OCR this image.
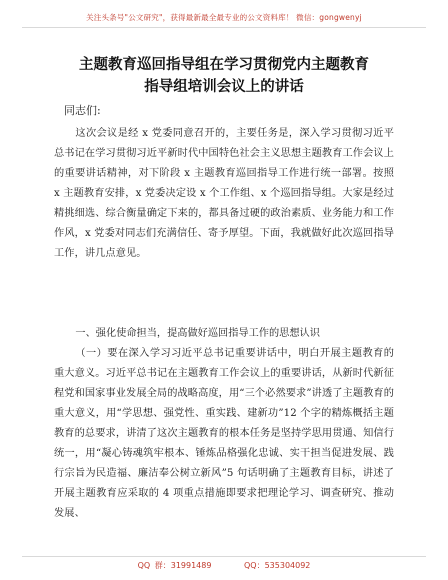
关注头条号"公文研究"，获得最新最全最专业的公文资料库！ 微信：gongwenyj
主题教育巡回指导组在学习贯彻党内主题教育
指导组培训会议上的讲话
同志们:

这次会议是经 x 党委同意召开的，主要任务是，深入学习贯彻习近平总书记在学习贯彻习近平新时代中国特色社会主义思想主题教育工作会议上的重要讲话精神，对下阶段 x 主题教育巡回指导工作进行统一部署。按照 x 主题教育安排，x 党委决定设 x 个工作组、x 个巡回指导组。大家是经过精挑细选、综合衡量确定下来的，都具备过硬的政治素质、业务能力和工作作风，x 党委对同志们充满信任、寄予厚望。下面，我就做好此次巡回指导工作，讲几点意见。

一、强化使命担当，提高做好巡回指导工作的思想认识

（一）要在深入学习习近平总书记重要讲话中，明白开展主题教育的重大意义。习近平总书记在主题教育工作会议上的重要讲话，从新时代新征程党和国家事业发展全局的战略高度，用“三个必然要求”讲透了主题教育的重大意义，用“学思想、强党性、重实践、建新功”12 个字的精炼概括主题教育的总要求，讲清了这次主题教育的根本任务是坚持学思用贯通、知信行统一，用“凝心铸魂筑牢根本、锤炼品格强化忠诚、实干担当促进发展、践行宗旨为民造福、廉洁奉公树立新风”5 句话明确了主题教育目标，讲述了开展主题教育应采取的 4 项重点措施即要求把理论学习、调查研究、推动发展、

QQ 群：31991489	QQ：535304092
